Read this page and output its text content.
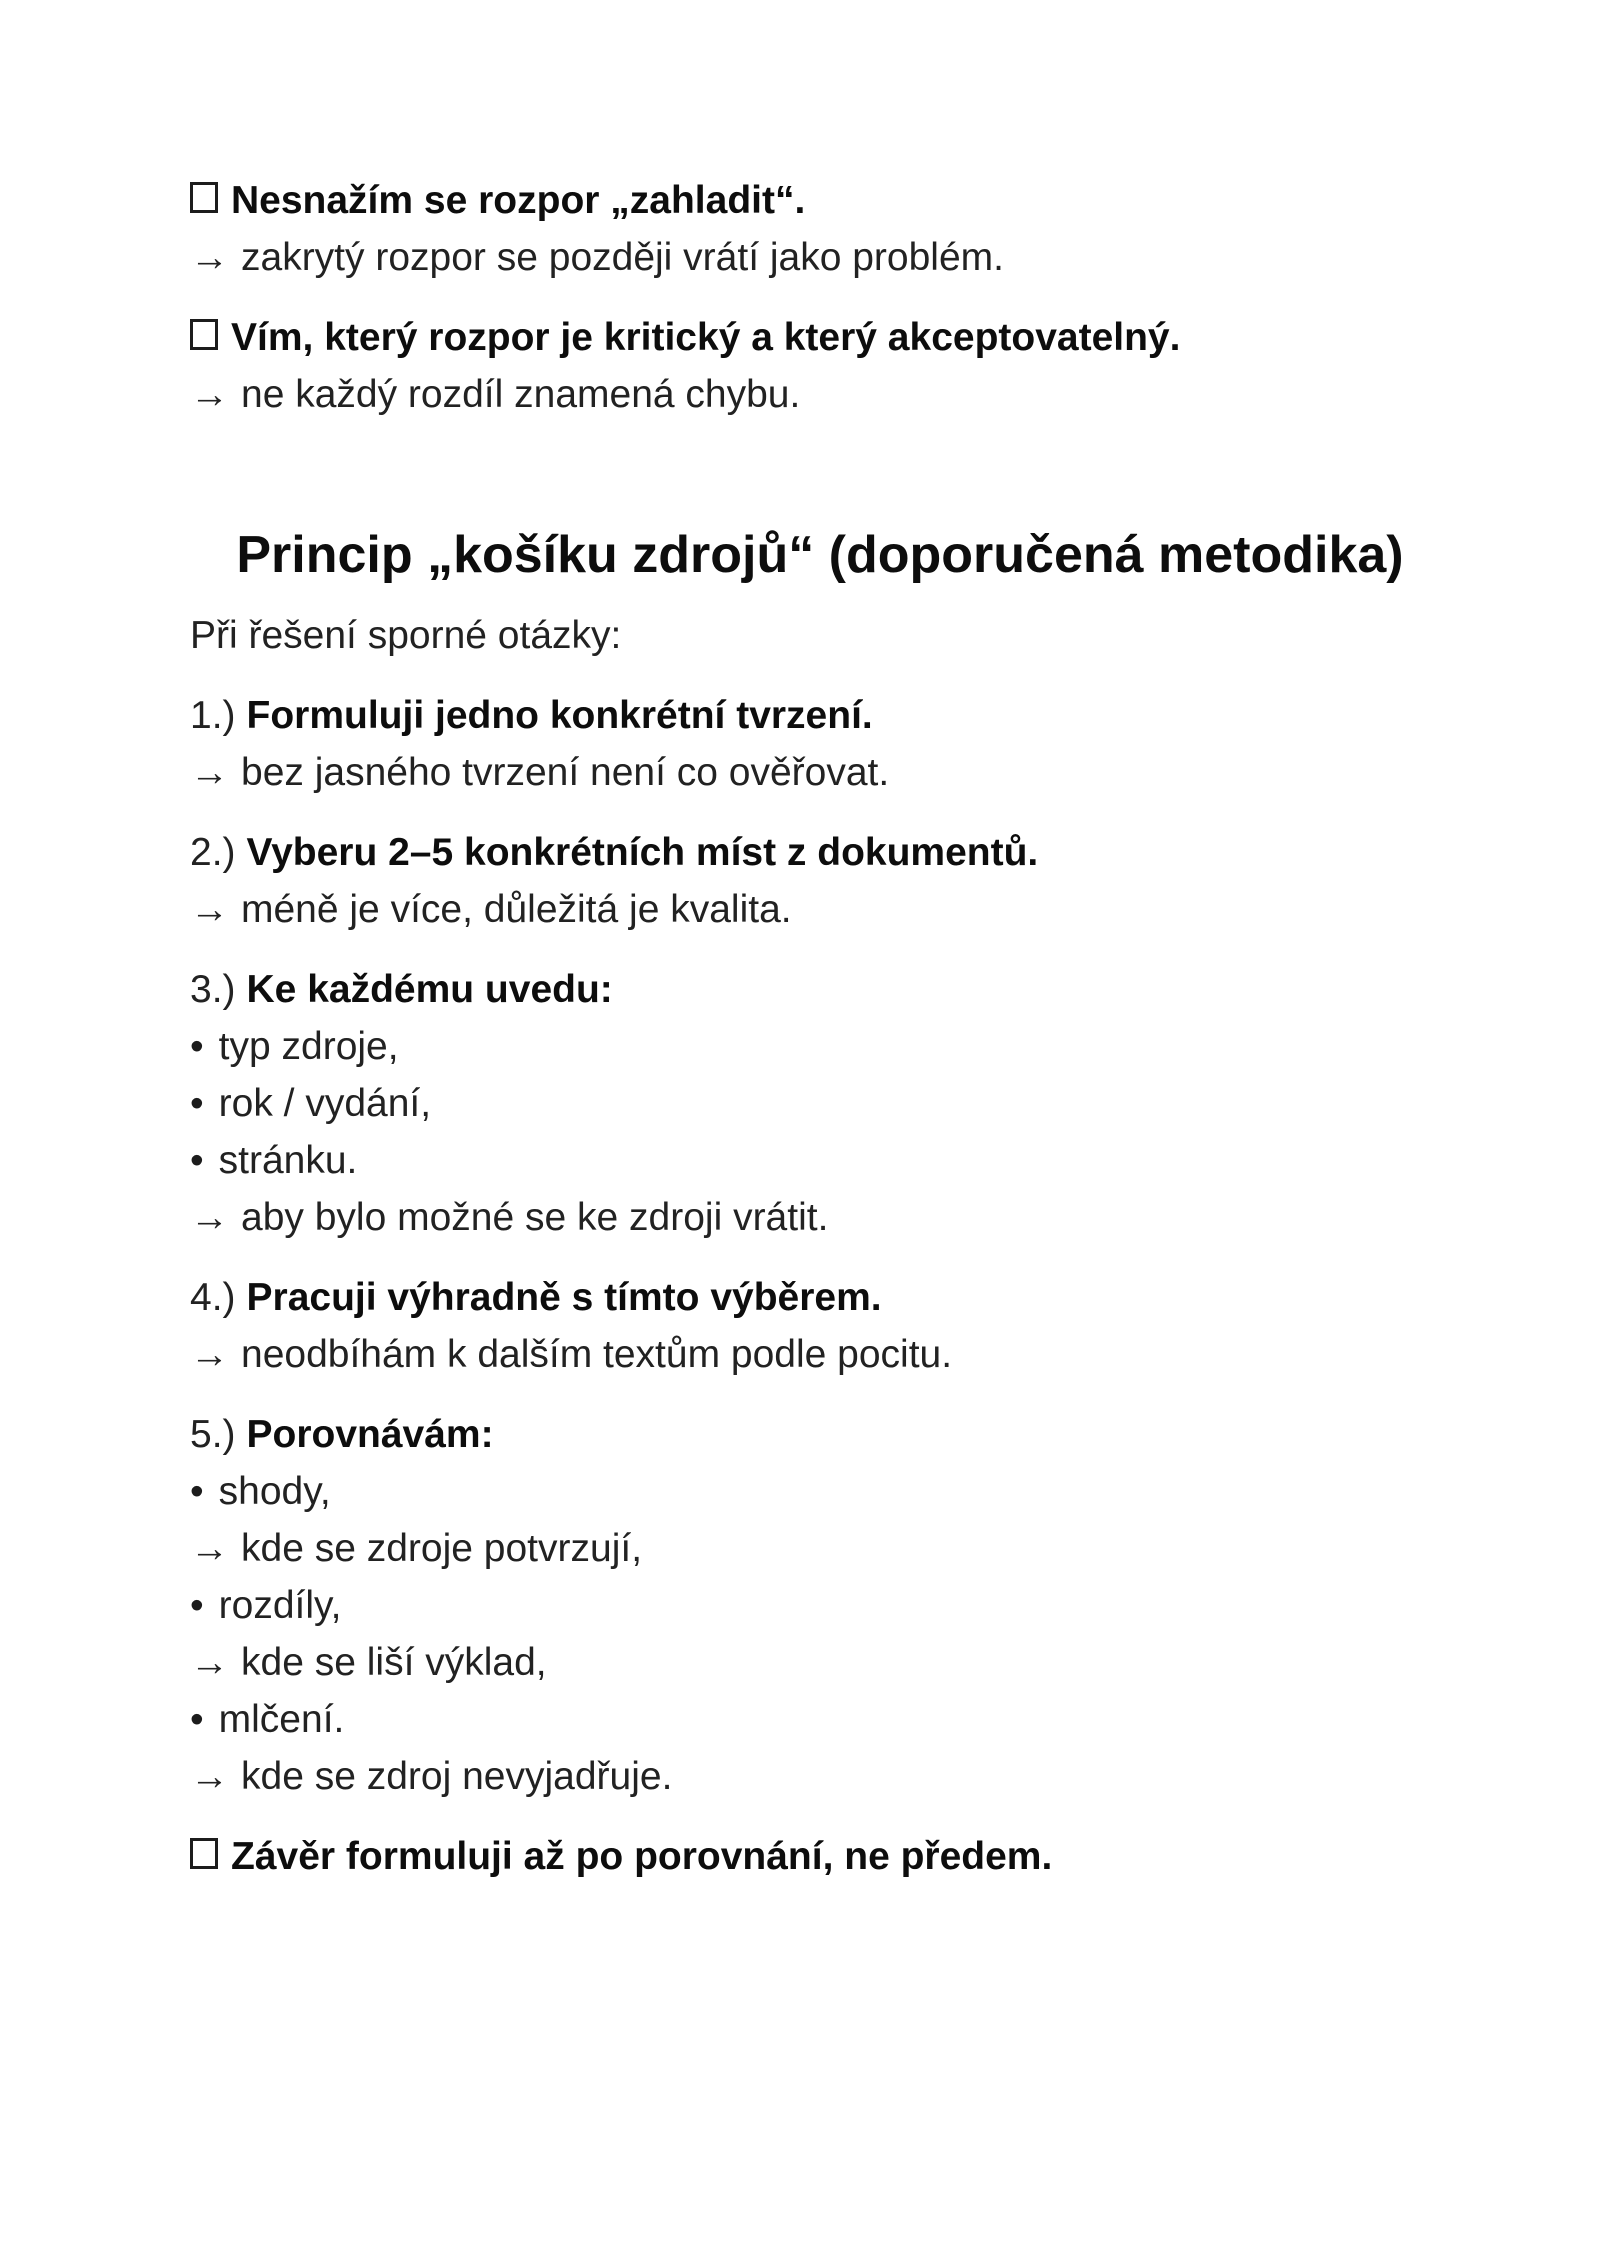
Nesnažím se rozpor „zahladit“.
→ zakrytý rozpor se později vrátí jako problém.
Vím, který rozpor je kritický a který akceptovatelný.
→ ne každý rozdíl znamená chybu.
Princip „košíku zdrojů“ (doporučená metodika)

Při řešení sporné otázky:

1.) Formuluji jedno konkrétní tvrzení.
→ bez jasného tvrzení není co ověřovat.
2.) Vyberu 2–5 konkrétních míst z dokumentů.
→ méně je více, důležitá je kvalita.
3.) Ke každému uvedu:
• typ zdroje,
• rok / vydání,
• stránku.
→ aby bylo možné se ke zdroji vrátit.
4.) Pracuji výhradně s tímto výběrem.
→ neodbíhám k dalším textům podle pocitu.
5.) Porovnávám:
• shody,
→ kde se zdroje potvrzují,
• rozdíly,
→ kde se liší výklad,
• mlčení.
→ kde se zdroj nevyjadřuje.
Závěr formuluji až po porovnání, ne předem.
